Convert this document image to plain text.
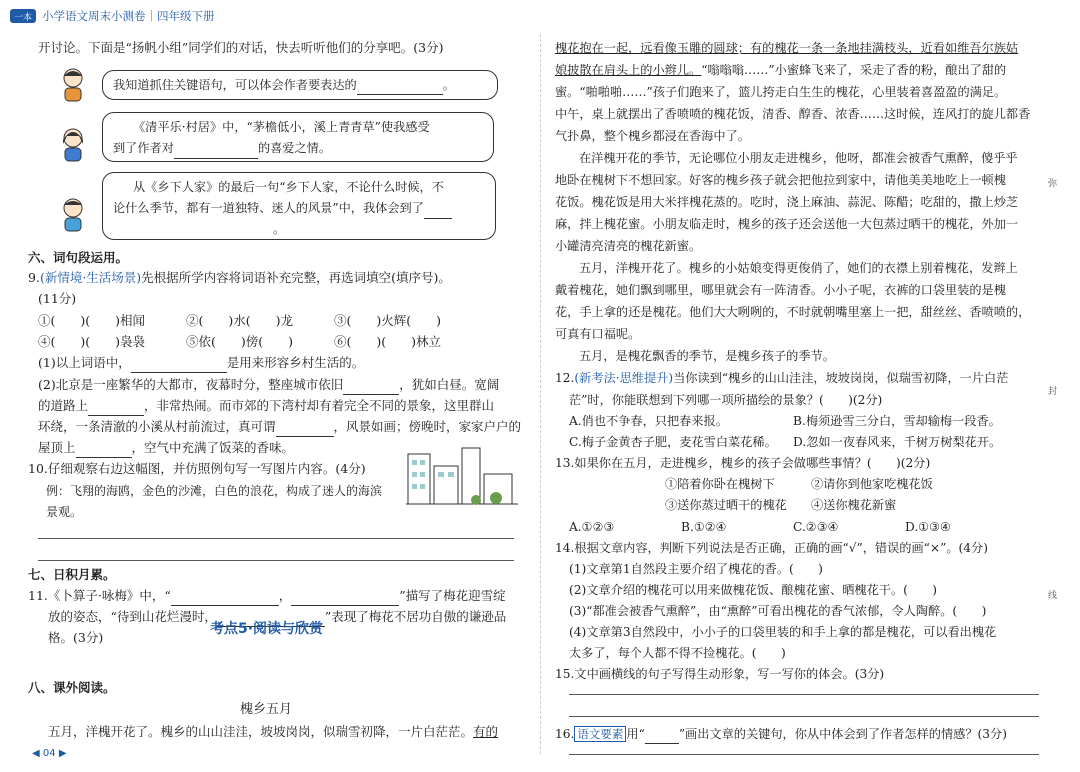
一本 小学语文周末小测卷｜四年级下册
开讨论。下面是“扬帆小组”同学们的对话，快去听听他们的分享吧。(3分)
我知道抓住关键语句，可以体会作者要表达的	。
《清平乐·村居》中，“茅檐低小，溪上青青草”使我感受
到了作者对	的喜爱之情。
从《乡下人家》的最后一句“乡下人家，不论什么时候，不
论什么季节，都有一道独特、迷人的风景”中，我体会到了
。
六、词句段运用。
9.(新情境·生活场景)先根据所学内容将词语补充完整，再选词填空(填序号)。
(11分)
①(　　)(　　)相闻	②(　　)水(　　)龙	③(　　)火辉(　　)
④(　　)(　　)袅袅	⑤依(　　)傍(　　)	⑥(　　)(　　)林立
(1)以上词语中，	是用来形容乡村生活的。
(2)北京是一座繁华的大都市，夜幕时分，整座城市依旧	，犹如白昼。宽阔
的道路上	，非常热闹。而市郊的下湾村却有着完全不同的景象，这里群山
环绕，一条清澈的小溪从村前流过，真可谓	，风景如画；傍晚时，家家户户的
屋顶上	，空气中充满了饭菜的香味。
10.仔细观察右边这幅图，并仿照例句写一写图片内容。(4分)
例：飞翔的海鸥，金色的沙滩，白色的浪花，构成了迷人的海滨
景观。
七、日积月累。
11.《卜算子·咏梅》中，“	，	”描写了梅花迎雪绽
放的姿态，“待到山花烂漫时，	”表现了梅花不居功自傲的谦逊品
格。(3分)
八、课外阅读。
槐乡五月
五月，洋槐开花了。槐乡的山山洼洼，坡坡岗岗，似瑞雪初降，一片白茫茫。有的
考点5·阅读与欣赏
槐花抱在一起，远看像玉雕的圆球；有的槐花一条一条地挂满枝头，近看如维吾尔族姑
娘披散在肩头上的小辫儿。“嗡嗡嗡……”小蜜蜂飞来了，采走了香的粉，酿出了甜的
蜜。“啪啪啪……”孩子们跑来了，篮儿挎走白生生的槐花，心里装着喜盈盈的满足。
中午，桌上就摆出了香喷喷的槐花饭，清香、醇香、浓香……这时候，连风打的旋儿都香
气扑鼻，整个槐乡都浸在香海中了。
在洋槐开花的季节，无论哪位小朋友走进槐乡，他呀，都准会被香气熏醉，傻乎乎
地卧在槐树下不想回家。好客的槐乡孩子就会把他拉到家中，请他美美地吃上一顿槐
花饭。槐花饭是用大米拌槐花蒸的。吃时，浇上麻油、蒜泥、陈醋；吃甜的，撒上炒芝
麻，拌上槐花蜜。小朋友临走时，槐乡的孩子还会送他一大包蒸过晒干的槐花，外加一
小罐清亮清亮的槐花新蜜。
五月，洋槐开花了。槐乡的小姑娘变得更俊俏了，她们的衣襟上别着槐花，发辫上
戴着槐花，她们飘到哪里，哪里就会有一阵清香。小小子呢，衣裤的口袋里装的是槐
花，手上拿的还是槐花。他们大大咧咧的，不时就朝嘴里塞上一把，甜丝丝、香喷喷的，
可真有口福呢。
五月，是槐花飘香的季节，是槐乡孩子的季节。
12.(新考法·思维提升)当你读到“槐乡的山山洼洼，坡坡岗岗，似瑞雪初降，一片白茫
茫”时，你能联想到下列哪一项所描绘的景象？(　　)(2分)
A.俏也不争春，只把春来报。	B.梅须逊雪三分白，雪却输梅一段香。
C.梅子金黄杏子肥，麦花雪白菜花稀。 D.忽如一夜春风来，千树万树梨花开。
13.如果你在五月，走进槐乡，槐乡的孩子会做哪些事情？(　　)(2分)
①陪着你卧在槐树下	②请你到他家吃槐花饭
③送你蒸过晒干的槐花 ④送你槐花新蜜
A.①②③	B.①②④	C.②③④	D.①③④
14.根据文章内容，判断下列说法是否正确，正确的画“√”，错误的画“×”。(4分)
(1)文章第1自然段主要介绍了槐花的香。(　　)
(2)文章介绍的槐花可以用来做槐花饭、酿槐花蜜、晒槐花干。(　　)
(3)“都准会被香气熏醉”，由“熏醉”可看出槐花的香气浓郁，令人陶醉。(　　)
(4)文章第3自然段中，小小子的口袋里装的和手上拿的都是槐花，可以看出槐花
太多了，每个人都不得不捡槐花。(　　)
15.文中画横线的句子写得生动形象，写一写你的体会。(3分)
16. 语文要素 用“	”画出文章的关键句，你从中体会到了作者怎样的情感？(3分)
弥
封
线
◀ 04 ▶
